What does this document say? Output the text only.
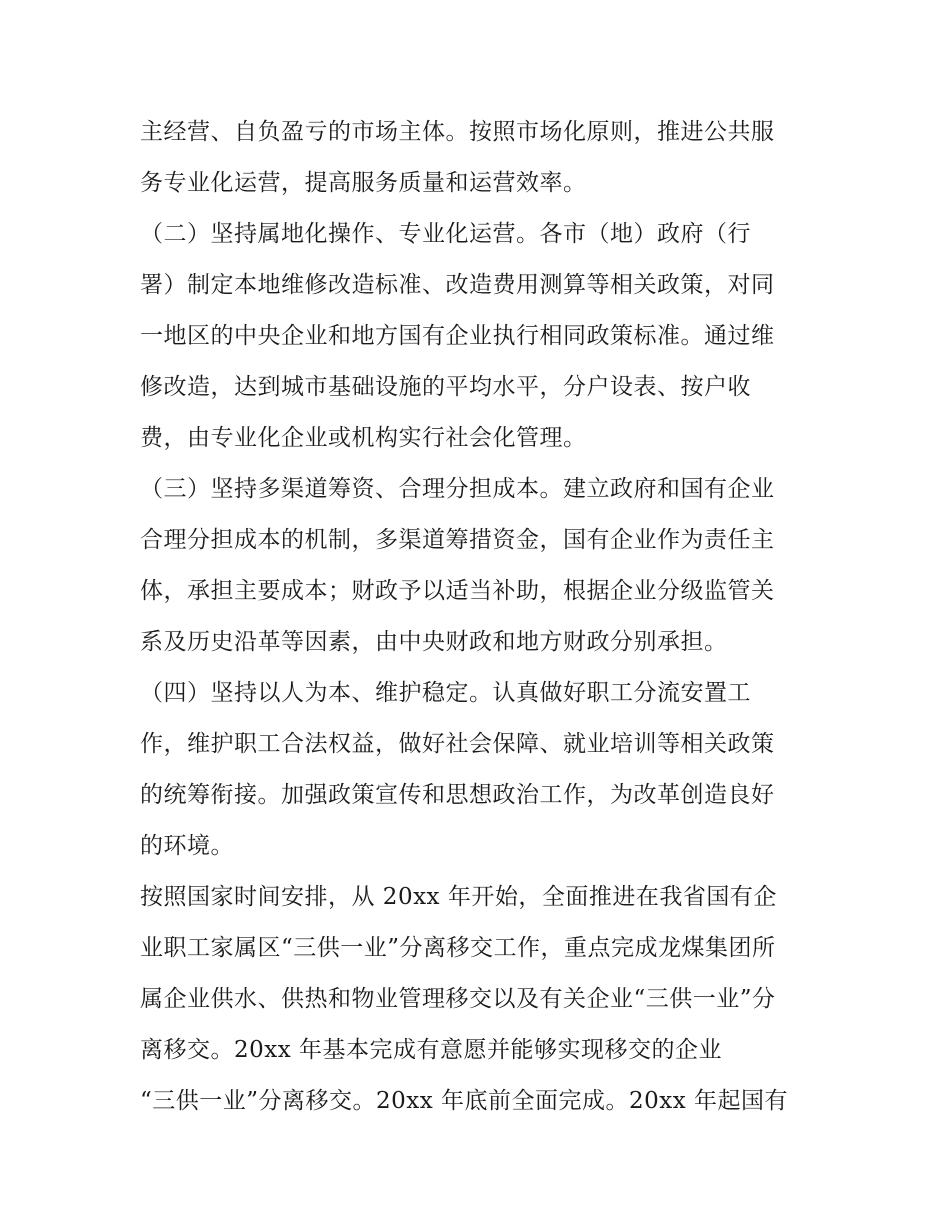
主经营、自负盈亏的市场主体。按照市场化原则，推进公共服
务专业化运营，提高服务质量和运营效率。
（二）坚持属地化操作、专业化运营。各市（地）政府（行
署）制定本地维修改造标准、改造费用测算等相关政策，对同
一地区的中央企业和地方国有企业执行相同政策标准。通过维
修改造，达到城市基础设施的平均水平，分户设表、按户收
费，由专业化企业或机构实行社会化管理。
（三）坚持多渠道筹资、合理分担成本。建立政府和国有企业
合理分担成本的机制，多渠道筹措资金，国有企业作为责任主
体，承担主要成本；财政予以适当补助，根据企业分级监管关
系及历史沿革等因素，由中央财政和地方财政分别承担。
（四）坚持以人为本、维护稳定。认真做好职工分流安置工
作，维护职工合法权益，做好社会保障、就业培训等相关政策
的统筹衔接。加强政策宣传和思想政治工作，为改革创造良好
的环境。
按照国家时间安排，从 20xx 年开始，全面推进在我省国有企
业职工家属区“三供一业”分离移交工作，重点完成龙煤集团所
属企业供水、供热和物业管理移交以及有关企业“三供一业”分
离移交。20xx 年基本完成有意愿并能够实现移交的企业
“三供一业”分离移交。20xx 年底前全面完成。20xx 年起国有
